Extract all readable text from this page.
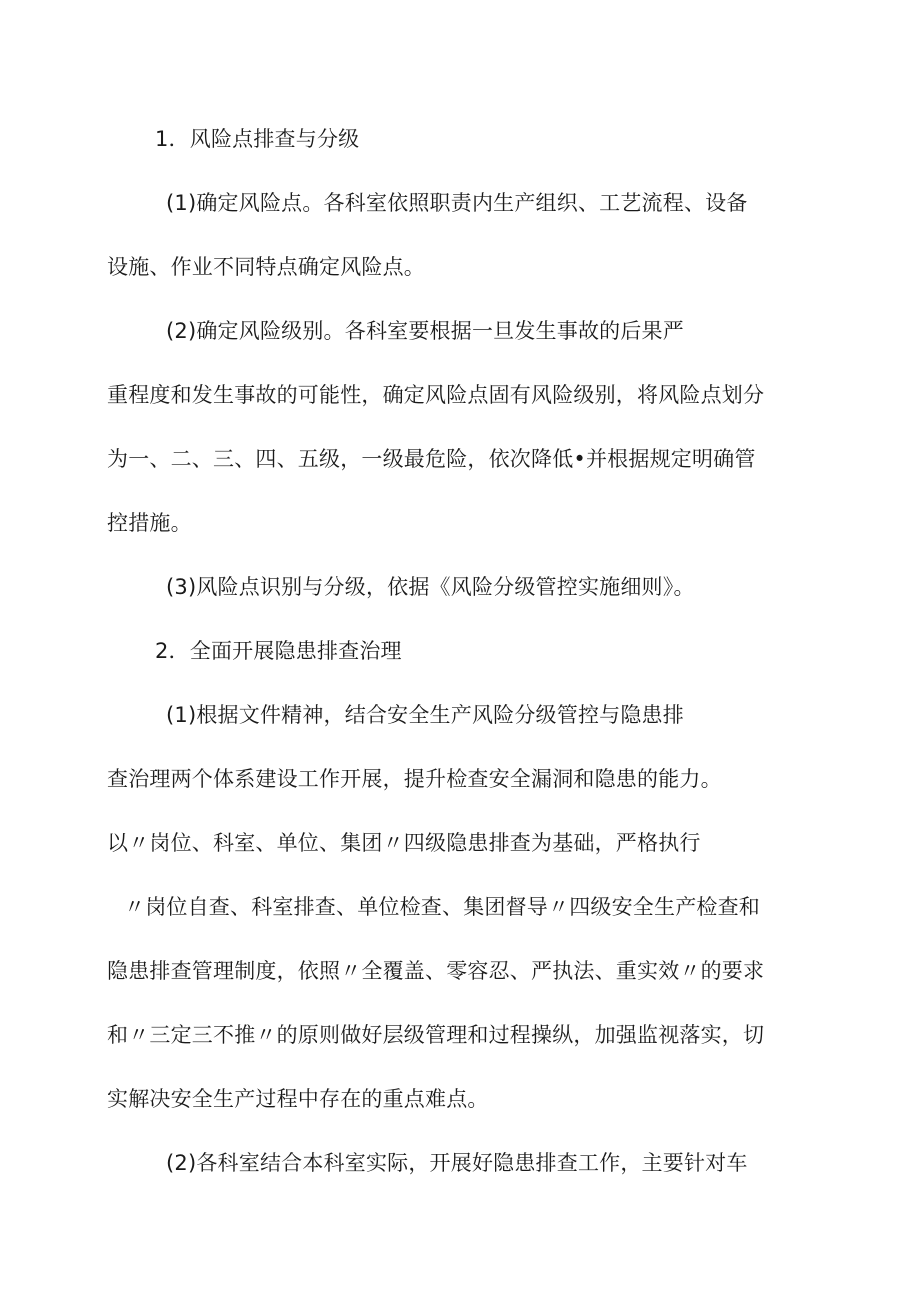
1．风险点排查与分级
(1)确定风险点。各科室依照职责内生产组织、工艺流程、设备
设施、作业不同特点确定风险点。
(2)确定风险级别。各科室要根据一旦发生事故的后果严
重程度和发生事故的可能性，确定风险点固有风险级别，将风险点划分
为一、二、三、四、五级，一级最危险，依次降低•并根据规定明确管
控措施。
(3)风险点识别与分级，依据《风险分级管控实施细则》。
2．全面开展隐患排查治理
(1)根据文件精神，结合安全生产风险分级管控与隐患排
查治理两个体系建设工作开展，提升检查安全漏洞和隐患的能力。
以〃岗位、科室、单位、集团〃四级隐患排查为基础，严格执行
〃岗位自查、科室排查、单位检查、集团督导〃四级安全生产检查和
隐患排查管理制度，依照〃全覆盖、零容忍、严执法、重实效〃的要求
和〃三定三不推〃的原则做好层级管理和过程操纵，加强监视落实，切
实解决安全生产过程中存在的重点难点。
(2)各科室结合本科室实际，开展好隐患排查工作，主要针对车
